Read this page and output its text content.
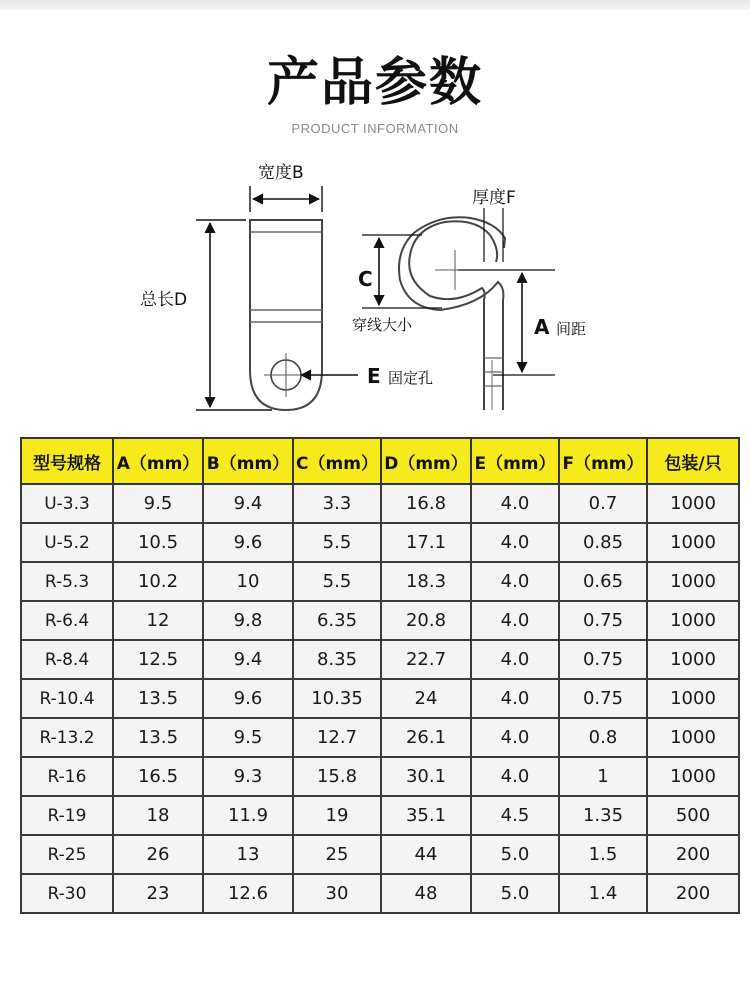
产品参数
PRODUCT INFORMATION
宽度B
总长D
E 固定孔
厚度F
C
穿线大小	A 间距
型号规格	A（mm）	B（mm）	C（mm）	D（mm）	E（mm）	F（mm）	包装/只
U-3.3	9.5	9.4	3.3	16.8	4.0	0.7	1000
U-5.2	10.5	9.6	5.5	17.1	4.0	0.85	1000
R-5.3	10.2	10	5.5	18.3	4.0	0.65	1000
R-6.4	12	9.8	6.35	20.8	4.0	0.75	1000
R-8.4	12.5	9.4	8.35	22.7	4.0	0.75	1000
R-10.4	13.5	9.6	10.35	24	4.0	0.75	1000
R-13.2	13.5	9.5	12.7	26.1	4.0	0.8	1000
R-16	16.5	9.3	15.8	30.1	4.0	1	1000
R-19	18	11.9	19	35.1	4.5	1.35	500
R-25	26	13	25	44	5.0	1.5	200
R-30	23	12.6	30	48	5.0	1.4	200
